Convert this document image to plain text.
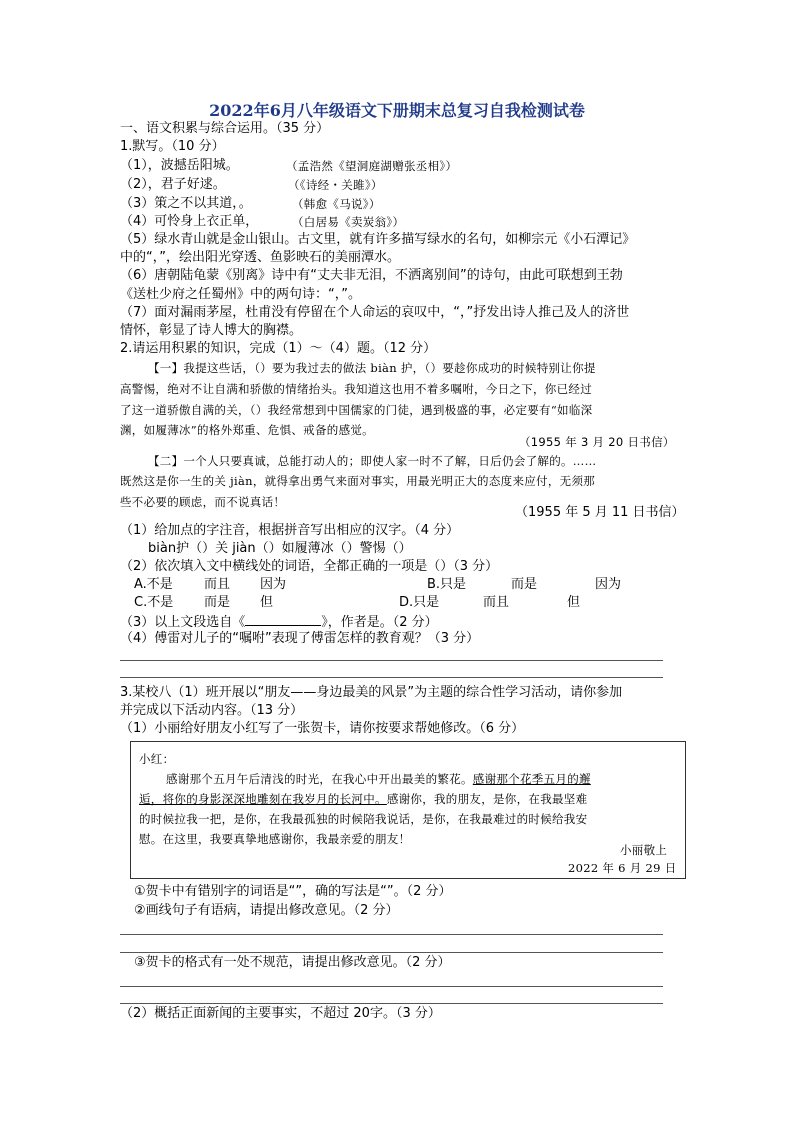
2022年6月八年级语文下册期末总复习自我检测试卷
一、语文积累与综合运用。（35 分）
1.默写。（10 分）
（1），波撼岳阳城。	（孟浩然《望洞庭湖赠张丞相》）
（2），君子好逑。	（《诗经・关雎》）
（3）策之不以其道，。	（韩愈《马说》）
（4）可怜身上衣正单，	（白居易《卖炭翁》）
（5）绿水青山就是金山银山。古文里，就有许多描写绿水的名句，如柳宗元《小石潭记》
中的“，”，绘出阳光穿透、鱼影映石的美丽潭水。
（6）唐朝陆龟蒙《别离》诗中有“丈夫非无泪，不洒离别间”的诗句，由此可联想到王勃
《送杜少府之任蜀州》中的两句诗：“，”。
（7）面对漏雨茅屋，杜甫没有停留在个人命运的哀叹中，“，”抒发出诗人推己及人的济世
情怀，彰显了诗人博大的胸襟。
2.请运用积累的知识，完成（1）～（4）题。（12 分）
【一】我提这些话，（）要为我过去的做法 biàn 护，（）要趁你成功的时候特别让你提
高警惕，绝对不让自满和骄傲的情绪抬头。我知道这也用不着多嘱咐，今日之下，你已经过
了这一道骄傲自满的关，（）我经常想到中国儒家的门徒，遇到极盛的事，必定要有“如临深
渊，如履薄冰”的格外郑重、危惧、戒备的感觉。
（1955 年 3 月 20 日书信）
【二】一个人只要真诚，总能打动人的；即使人家一时不了解，日后仍会了解的。……
既然这是你一生的关 jiàn，就得拿出勇气来面对事实，用最光明正大的态度来应付，无须那
些不必要的顾虑，而不说真话！
（1955 年 5 月 11 日书信）
（1）给加点的字注音，根据拼音写出相应的汉字。（4 分）
biàn护（）关 jiàn（）如履薄冰（）警惕（）
（2）依次填入文中横线处的词语，全都正确的一项是（）（3 分）
A.不是 而且 因为	B.只是	而是	因为
C.不是 而是 但	D.只是	而且	但
（3）以上文段选自《	》，作者是。（2 分）
（4）傅雷对儿子的“嘱咐”表现了傅雷怎样的教育观？（3 分）
3.某校八（1）班开展以“朋友——身边最美的风景”为主题的综合性学习活动，请你参加
并完成以下活动内容。（13 分）
（1）小丽给好朋友小红写了一张贺卡，请你按要求帮她修改。（6 分）
小红：
感谢那个五月午后清浅的时光，在我心中开出最美的繁花。感谢那个花季五月的邂
逅，将你的身影深深地雕刻在我岁月的长河中。感谢你，我的朋友，是你，在我最坚难
的时候拉我一把，是你，在我最孤独的时候陪我说话，是你，在我最难过的时候给我安
慰。在这里，我要真挚地感谢你，我最亲爱的朋友！
小丽敬上
2022 年 6 月 29 日
①贺卡中有错别字的词语是“”，确的写法是“”。（2 分）
②画线句子有语病，请提出修改意见。（2 分）
③贺卡的格式有一处不规范，请提出修改意见。（2 分）
（2）概括正面新闻的主要事实，不超过 20字。（3 分）
